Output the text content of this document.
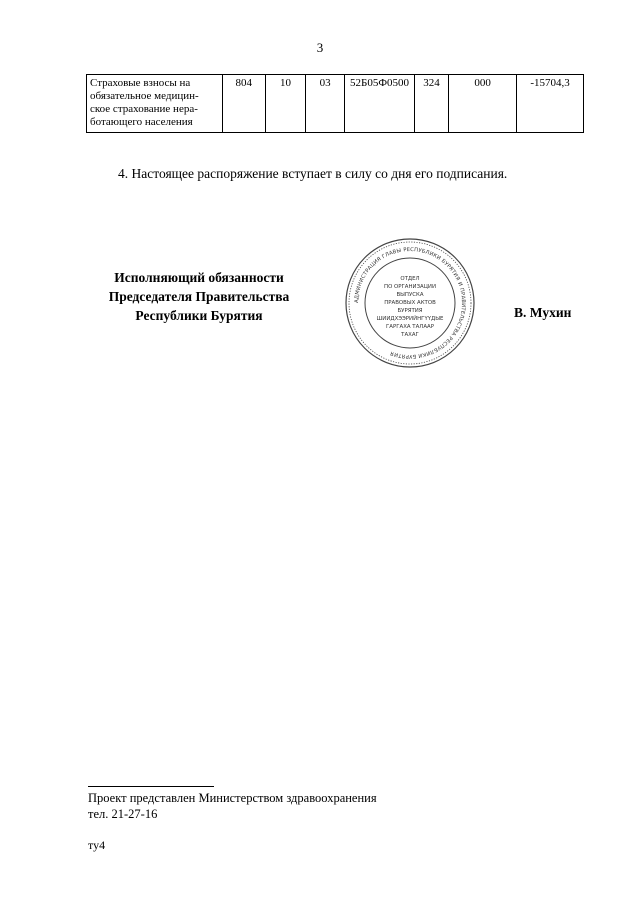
3
Страховые взносы на
обязательное медицин-
ское страхование нера-
ботающего населения
	804	10	03	52Б05Ф0500	324	000	-15704,3
4. Настоящее распоряжение вступает в силу со дня его подписания.
Исполняющий обязанности
Председателя Правительства
Республики Бурятия
АДМИНИСТРАЦИЯ ГЛАВЫ РЕСПУБЛИКИ БУРЯТИЯ И ПРАВИТЕЛЬСТВА РЕСПУБЛИКИ БУРЯТИЯ
ОТДЕЛ
ПО ОРГАНИЗАЦИИ
ВЫПУСКА
ПРАВОВЫХ АКТОВ
БУРЯТИЯ
ШИИДХЭЭРИЙНГҮҮДЫЕ
ГАРГАХА ТАЛААР
ТАХАГ
В. Мухин
Проект представлен Министерством здравоохранения
тел. 21-27-16
ту4
